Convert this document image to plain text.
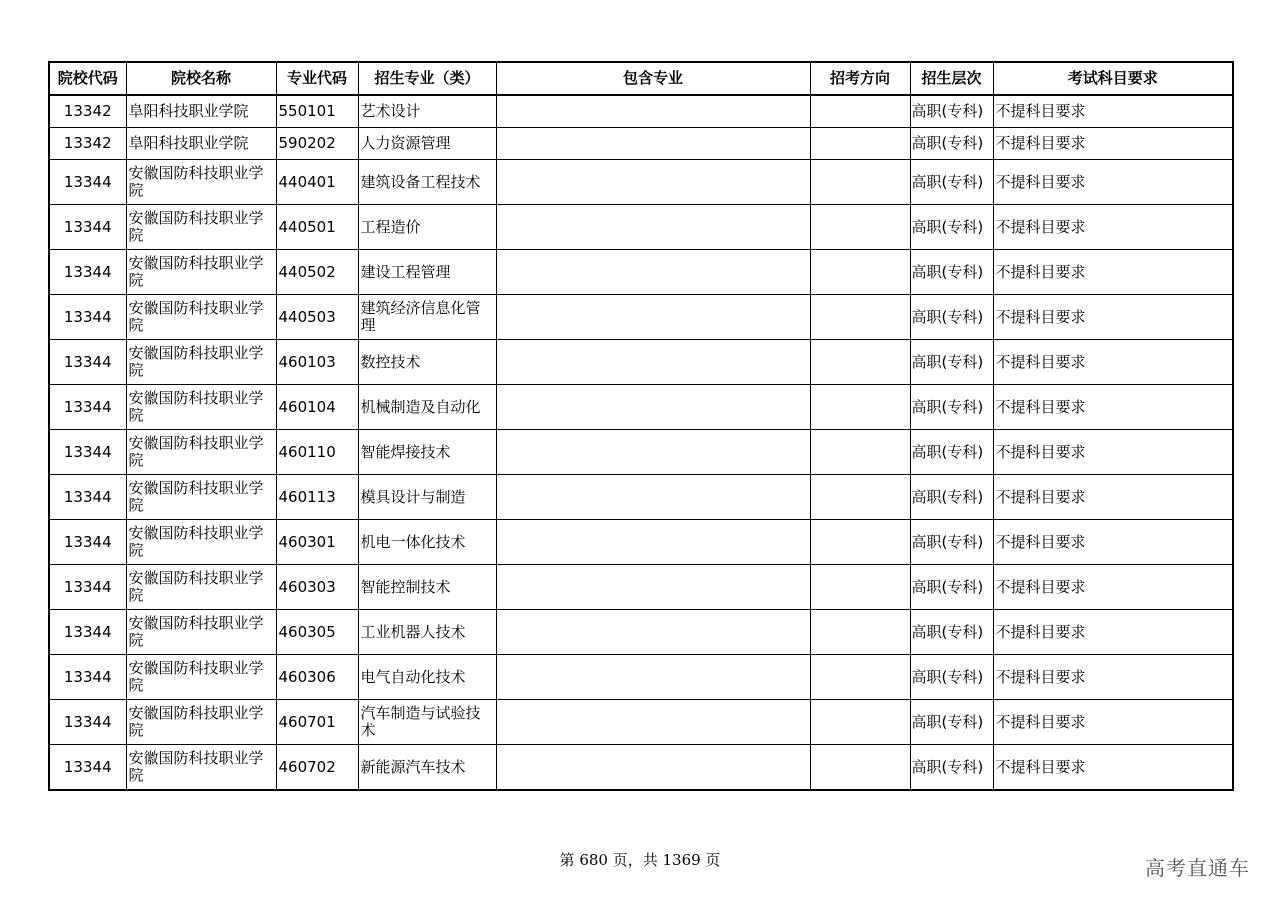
院校代码	院校名称	专业代码	招生专业（类）	包含专业	招考方向	招生层次	考试科目要求
13342	阜阳科技职业学院	550101	艺术设计			高职(专科)	不提科目要求
13342	阜阳科技职业学院	590202	人力资源管理			高职(专科)	不提科目要求
13344	安徽国防科技职业学院	440401	建筑设备工程技术			高职(专科)	不提科目要求
13344	安徽国防科技职业学院	440501	工程造价			高职(专科)	不提科目要求
13344	安徽国防科技职业学院	440502	建设工程管理			高职(专科)	不提科目要求
13344	安徽国防科技职业学院	440503	建筑经济信息化管理			高职(专科)	不提科目要求
13344	安徽国防科技职业学院	460103	数控技术			高职(专科)	不提科目要求
13344	安徽国防科技职业学院	460104	机械制造及自动化			高职(专科)	不提科目要求
13344	安徽国防科技职业学院	460110	智能焊接技术			高职(专科)	不提科目要求
13344	安徽国防科技职业学院	460113	模具设计与制造			高职(专科)	不提科目要求
13344	安徽国防科技职业学院	460301	机电一体化技术			高职(专科)	不提科目要求
13344	安徽国防科技职业学院	460303	智能控制技术			高职(专科)	不提科目要求
13344	安徽国防科技职业学院	460305	工业机器人技术			高职(专科)	不提科目要求
13344	安徽国防科技职业学院	460306	电气自动化技术			高职(专科)	不提科目要求
13344	安徽国防科技职业学院	460701	汽车制造与试验技术			高职(专科)	不提科目要求
13344	安徽国防科技职业学院	460702	新能源汽车技术			高职(专科)	不提科目要求
第 680 页，共 1369 页	高考直通车
